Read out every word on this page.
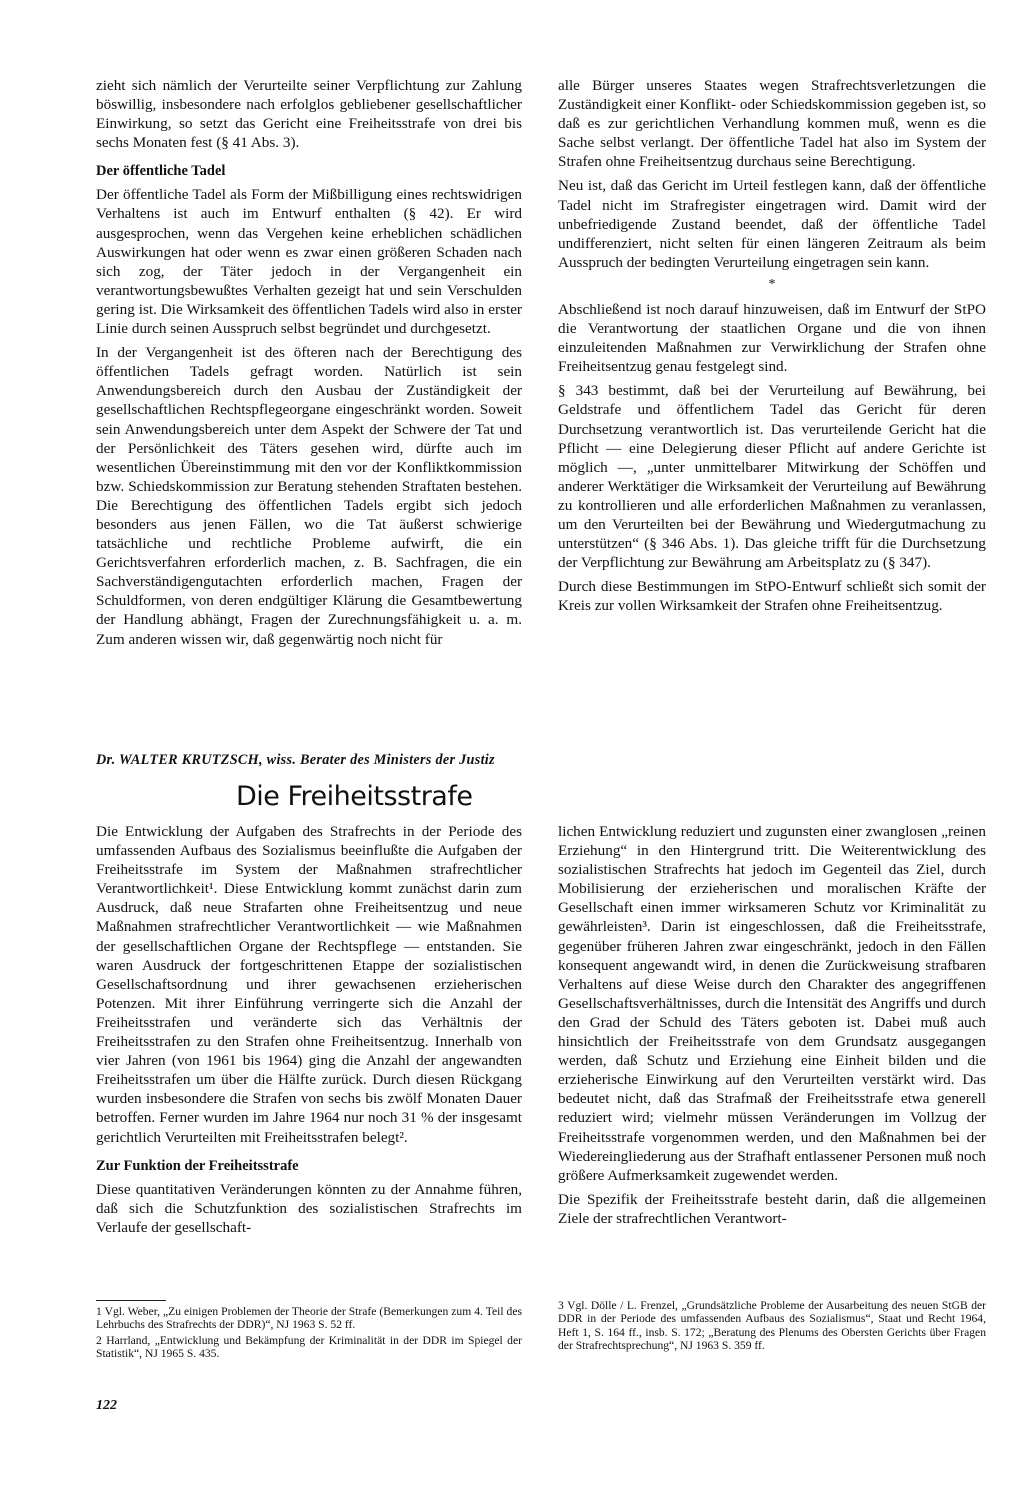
zieht sich nämlich der Verurteilte seiner Verpflichtung zur Zahlung böswillig, insbesondere nach erfolglos gebliebener gesellschaftlicher Einwirkung, so setzt das Gericht eine Freiheitsstrafe von drei bis sechs Monaten fest (§ 41 Abs. 3).

Der öffentliche Tadel

Der öffentliche Tadel als Form der Mißbilligung eines rechtswidrigen Verhaltens ist auch im Entwurf enthalten (§ 42). Er wird ausgesprochen, wenn das Vergehen keine erheblichen schädlichen Auswirkungen hat oder wenn es zwar einen größeren Schaden nach sich zog, der Täter jedoch in der Vergangenheit ein verantwortungsbewußtes Verhalten gezeigt hat und sein Verschulden gering ist. Die Wirksamkeit des öffentlichen Tadels wird also in erster Linie durch seinen Ausspruch selbst begründet und durchgesetzt.

In der Vergangenheit ist des öfteren nach der Berechtigung des öffentlichen Tadels gefragt worden. Natürlich ist sein Anwendungsbereich durch den Ausbau der Zuständigkeit der gesellschaftlichen Rechtspflegeorgane eingeschränkt worden. Soweit sein Anwendungsbereich unter dem Aspekt der Schwere der Tat und der Persönlichkeit des Täters gesehen wird, dürfte auch im wesentlichen Übereinstimmung mit den vor der Konfliktkommission bzw. Schiedskommission zur Beratung stehenden Straftaten bestehen. Die Berechtigung des öffentlichen Tadels ergibt sich jedoch besonders aus jenen Fällen, wo die Tat äußerst schwierige tatsächliche und rechtliche Probleme aufwirft, die ein Gerichtsverfahren erforderlich machen, z. B. Sachfragen, die ein Sachverständigengutachten erforderlich machen, Fragen der Schuldformen, von deren endgültiger Klärung die Gesamtbewertung der Handlung abhängt, Fragen der Zurechnungsfähigkeit u. a. m. Zum anderen wissen wir, daß gegenwärtig noch nicht für

alle Bürger unseres Staates wegen Strafrechtsverletzungen die Zuständigkeit einer Konflikt- oder Schiedskommission gegeben ist, so daß es zur gerichtlichen Verhandlung kommen muß, wenn es die Sache selbst verlangt. Der öffentliche Tadel hat also im System der Strafen ohne Freiheitsentzug durchaus seine Berechtigung.

Neu ist, daß das Gericht im Urteil festlegen kann, daß der öffentliche Tadel nicht im Strafregister eingetragen wird. Damit wird der unbefriedigende Zustand beendet, daß der öffentliche Tadel undifferenziert, nicht selten für einen längeren Zeitraum als beim Ausspruch der bedingten Verurteilung eingetragen sein kann.

*

Abschließend ist noch darauf hinzuweisen, daß im Entwurf der StPO die Verantwortung der staatlichen Organe und die von ihnen einzuleitenden Maßnahmen zur Verwirklichung der Strafen ohne Freiheitsentzug genau festgelegt sind.

§ 343 bestimmt, daß bei der Verurteilung auf Bewährung, bei Geldstrafe und öffentlichem Tadel das Gericht für deren Durchsetzung verantwortlich ist. Das verurteilende Gericht hat die Pflicht — eine Delegierung dieser Pflicht auf andere Gerichte ist möglich —, „unter unmittelbarer Mitwirkung der Schöffen und anderer Werktätiger die Wirksamkeit der Verurteilung auf Bewährung zu kontrollieren und alle erforderlichen Maßnahmen zu veranlassen, um den Verurteilten bei der Bewährung und Wiedergutmachung zu unterstützen“ (§ 346 Abs. 1). Das gleiche trifft für die Durchsetzung der Verpflichtung zur Bewährung am Arbeitsplatz zu (§ 347).

Durch diese Bestimmungen im StPO-Entwurf schließt sich somit der Kreis zur vollen Wirksamkeit der Strafen ohne Freiheitsentzug.

Dr. WALTER KRUTZSCH, wiss. Berater des Ministers der Justiz
Die Freiheitsstrafe

Die Entwicklung der Aufgaben des Strafrechts in der Periode des umfassenden Aufbaus des Sozialismus beeinflußte die Aufgaben der Freiheitsstrafe im System der Maßnahmen strafrechtlicher Verantwortlichkeit¹. Diese Entwicklung kommt zunächst darin zum Ausdruck, daß neue Strafarten ohne Freiheitsentzug und neue Maßnahmen strafrechtlicher Verantwortlichkeit — wie Maßnahmen der gesellschaftlichen Organe der Rechtspflege — entstanden. Sie waren Ausdruck der fortgeschrittenen Etappe der sozialistischen Gesellschaftsordnung und ihrer gewachsenen erzieherischen Potenzen. Mit ihrer Einführung verringerte sich die Anzahl der Freiheitsstrafen und veränderte sich das Verhältnis der Freiheitsstrafen zu den Strafen ohne Freiheitsentzug. Innerhalb von vier Jahren (von 1961 bis 1964) ging die Anzahl der angewandten Freiheitsstrafen um über die Hälfte zurück. Durch diesen Rückgang wurden insbesondere die Strafen von sechs bis zwölf Monaten Dauer betroffen. Ferner wurden im Jahre 1964 nur noch 31 % der insgesamt gerichtlich Verurteilten mit Freiheitsstrafen belegt².

Zur Funktion der Freiheitsstrafe

Diese quantitativen Veränderungen könnten zu der Annahme führen, daß sich die Schutzfunktion des sozialistischen Strafrechts im Verlaufe der gesellschaft-

lichen Entwicklung reduziert und zugunsten einer zwanglosen „reinen Erziehung“ in den Hintergrund tritt. Die Weiterentwicklung des sozialistischen Strafrechts hat jedoch im Gegenteil das Ziel, durch Mobilisierung der erzieherischen und moralischen Kräfte der Gesellschaft einen immer wirksameren Schutz vor Kriminalität zu gewährleisten³. Darin ist eingeschlossen, daß die Freiheitsstrafe, gegenüber früheren Jahren zwar eingeschränkt, jedoch in den Fällen konsequent angewandt wird, in denen die Zurückweisung strafbaren Verhaltens auf diese Weise durch den Charakter des angegriffenen Gesellschaftsverhältnisses, durch die Intensität des Angriffs und durch den Grad der Schuld des Täters geboten ist. Dabei muß auch hinsichtlich der Freiheitsstrafe von dem Grundsatz ausgegangen werden, daß Schutz und Erziehung eine Einheit bilden und die erzieherische Einwirkung auf den Verurteilten verstärkt wird. Das bedeutet nicht, daß das Strafmaß der Freiheitsstrafe etwa generell reduziert wird; vielmehr müssen Veränderungen im Vollzug der Freiheitsstrafe vorgenommen werden, und den Maßnahmen bei der Wiedereingliederung aus der Strafhaft entlassener Personen muß noch größere Aufmerksamkeit zugewendet werden.

Die Spezifik der Freiheitsstrafe besteht darin, daß die allgemeinen Ziele der strafrechtlichen Verantwort-

1 Vgl. Weber, „Zu einigen Problemen der Theorie der Strafe (Bemerkungen zum 4. Teil des Lehrbuchs des Strafrechts der DDR)“, NJ 1963 S. 52 ff.

2 Harrland, „Entwicklung und Bekämpfung der Kriminalität in der DDR im Spiegel der Statistik“, NJ 1965 S. 435.

3 Vgl. Dölle / L. Frenzel, „Grundsätzliche Probleme der Ausarbeitung des neuen StGB der DDR in der Periode des umfassenden Aufbaus des Sozialismus“, Staat und Recht 1964, Heft 1, S. 164 ff., insb. S. 172; „Beratung des Plenums des Obersten Gerichts über Fragen der Strafrechtsprechung“, NJ 1963 S. 359 ff.

122
